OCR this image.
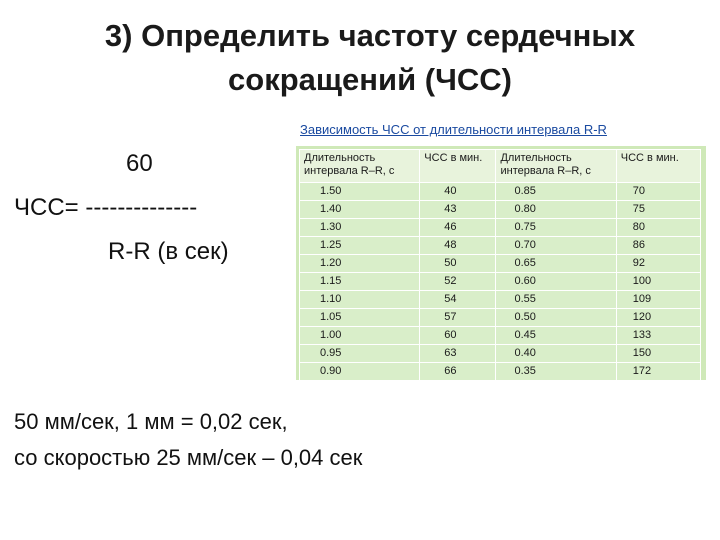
3) Определить частоту сердечных
сокращений (ЧСС)
60
ЧСС= --------------
R-R (в сек)
Зависимость ЧСС от длительности интервала R-R
Длительность интервала R–R, с	ЧСС в мин.	Длительность интервала R–R, с	ЧСС в мин.
1.50	40	0.85	70
1.40	43	0.80	75
1.30	46	0.75	80
1.25	48	0.70	86
1.20	50	0.65	92
1.15	52	0.60	100
1.10	54	0.55	109
1.05	57	0.50	120
1.00	60	0.45	133
0.95	63	0.40	150
0.90	66	0.35	172
50 мм/сек, 1 мм = 0,02 сек,
со скоростью 25 мм/сек – 0,04 сек
